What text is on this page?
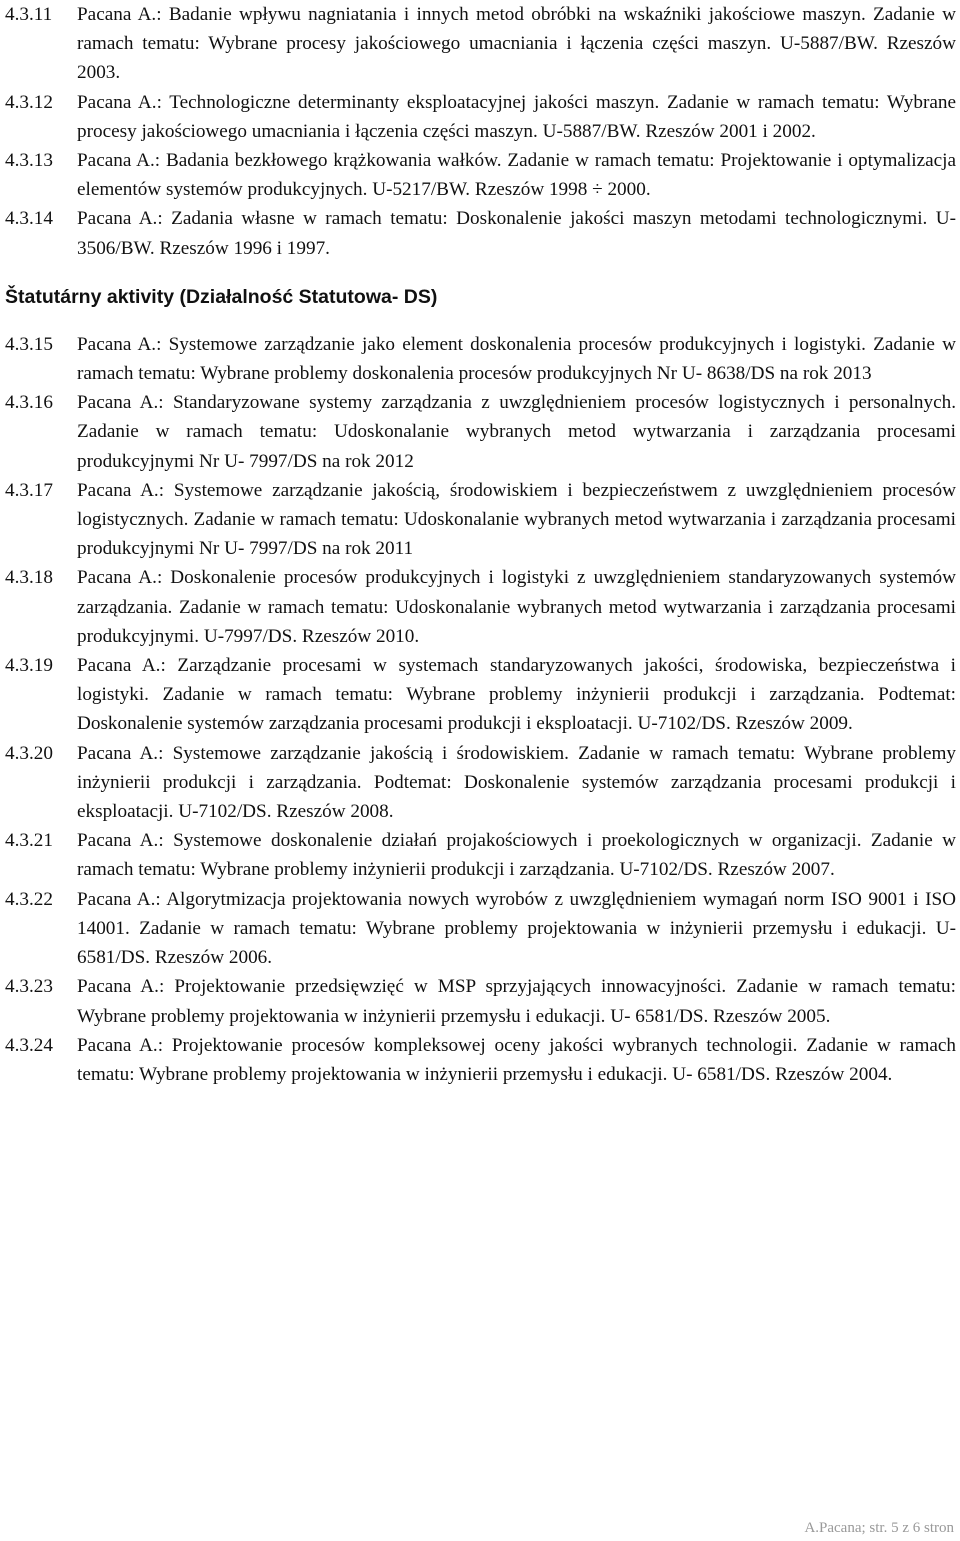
4.3.11	Pacana A.: Badanie wpływu nagniatania i innych metod obróbki na wskaźniki jakościowe maszyn. Zadanie w ramach tematu: Wybrane procesy jakościowego umacniania i łączenia części maszyn. U-5887/BW. Rzeszów 2003.
4.3.12	Pacana A.: Technologiczne determinanty eksploatacyjnej jakości maszyn. Zadanie w ramach tematu: Wybrane procesy jakościowego umacniania i łączenia części maszyn. U-5887/BW. Rzeszów 2001 i 2002.
4.3.13	Pacana A.: Badania bezkłowego krążkowania wałków. Zadanie w ramach tematu: Projektowanie i optymalizacja elementów systemów produkcyjnych. U-5217/BW. Rzeszów 1998 ÷ 2000.
4.3.14	Pacana A.: Zadania własne w ramach tematu: Doskonalenie jakości maszyn metodami technologicznymi. U-3506/BW. Rzeszów 1996 i 1997.
Štatutárny aktivity (Działalność Statutowa- DS)
4.3.15	Pacana A.: Systemowe zarządzanie jako element doskonalenia procesów produkcyjnych i logistyki. Zadanie w ramach tematu: Wybrane problemy doskonalenia procesów produkcyjnych Nr U- 8638/DS na rok 2013
4.3.16	Pacana A.: Standaryzowane systemy zarządzania z uwzględnieniem procesów logistycznych i personalnych. Zadanie w ramach tematu: Udoskonalanie wybranych metod wytwarzania i zarządzania procesami produkcyjnymi Nr U- 7997/DS na rok 2012
4.3.17	Pacana A.: Systemowe zarządzanie jakością, środowiskiem i bezpieczeństwem z uwzględnieniem procesów logistycznych. Zadanie w ramach tematu: Udoskonalanie wybranych metod wytwarzania i zarządzania procesami produkcyjnymi Nr U- 7997/DS na rok 2011
4.3.18	Pacana A.: Doskonalenie procesów produkcyjnych i logistyki z uwzględnieniem standaryzowanych systemów zarządzania. Zadanie w ramach tematu: Udoskonalanie wybranych metod wytwarzania i zarządzania procesami produkcyjnymi. U-7997/DS. Rzeszów 2010.
4.3.19	Pacana A.: Zarządzanie procesami w systemach standaryzowanych jakości, środowiska, bezpieczeństwa i logistyki. Zadanie w ramach tematu: Wybrane problemy inżynierii produkcji i zarządzania. Podtemat: Doskonalenie systemów zarządzania procesami produkcji i eksploatacji. U-7102/DS. Rzeszów 2009.
4.3.20	Pacana A.: Systemowe zarządzanie jakością i środowiskiem. Zadanie w ramach tematu: Wybrane problemy inżynierii produkcji i zarządzania. Podtemat: Doskonalenie systemów zarządzania procesami produkcji i eksploatacji. U-7102/DS. Rzeszów 2008.
4.3.21	Pacana A.: Systemowe doskonalenie działań projakościowych i proekologicznych w organizacji. Zadanie w ramach tematu: Wybrane problemy inżynierii produkcji i zarządzania. U-7102/DS. Rzeszów 2007.
4.3.22	Pacana A.: Algorytmizacja projektowania nowych wyrobów z uwzględnieniem wymagań norm ISO 9001 i ISO 14001. Zadanie w ramach tematu: Wybrane problemy projektowania w inżynierii przemysłu i edukacji. U-6581/DS. Rzeszów 2006.
4.3.23	Pacana A.: Projektowanie przedsięwzięć w MSP sprzyjających innowacyjności. Zadanie w ramach tematu: Wybrane problemy projektowania w inżynierii przemysłu i edukacji. U- 6581/DS. Rzeszów 2005.
4.3.24	Pacana A.: Projektowanie procesów kompleksowej oceny jakości wybranych technologii. Zadanie w ramach tematu: Wybrane problemy projektowania w inżynierii przemysłu i edukacji. U- 6581/DS. Rzeszów 2004.
A.Pacana; str. 5 z 6 stron
